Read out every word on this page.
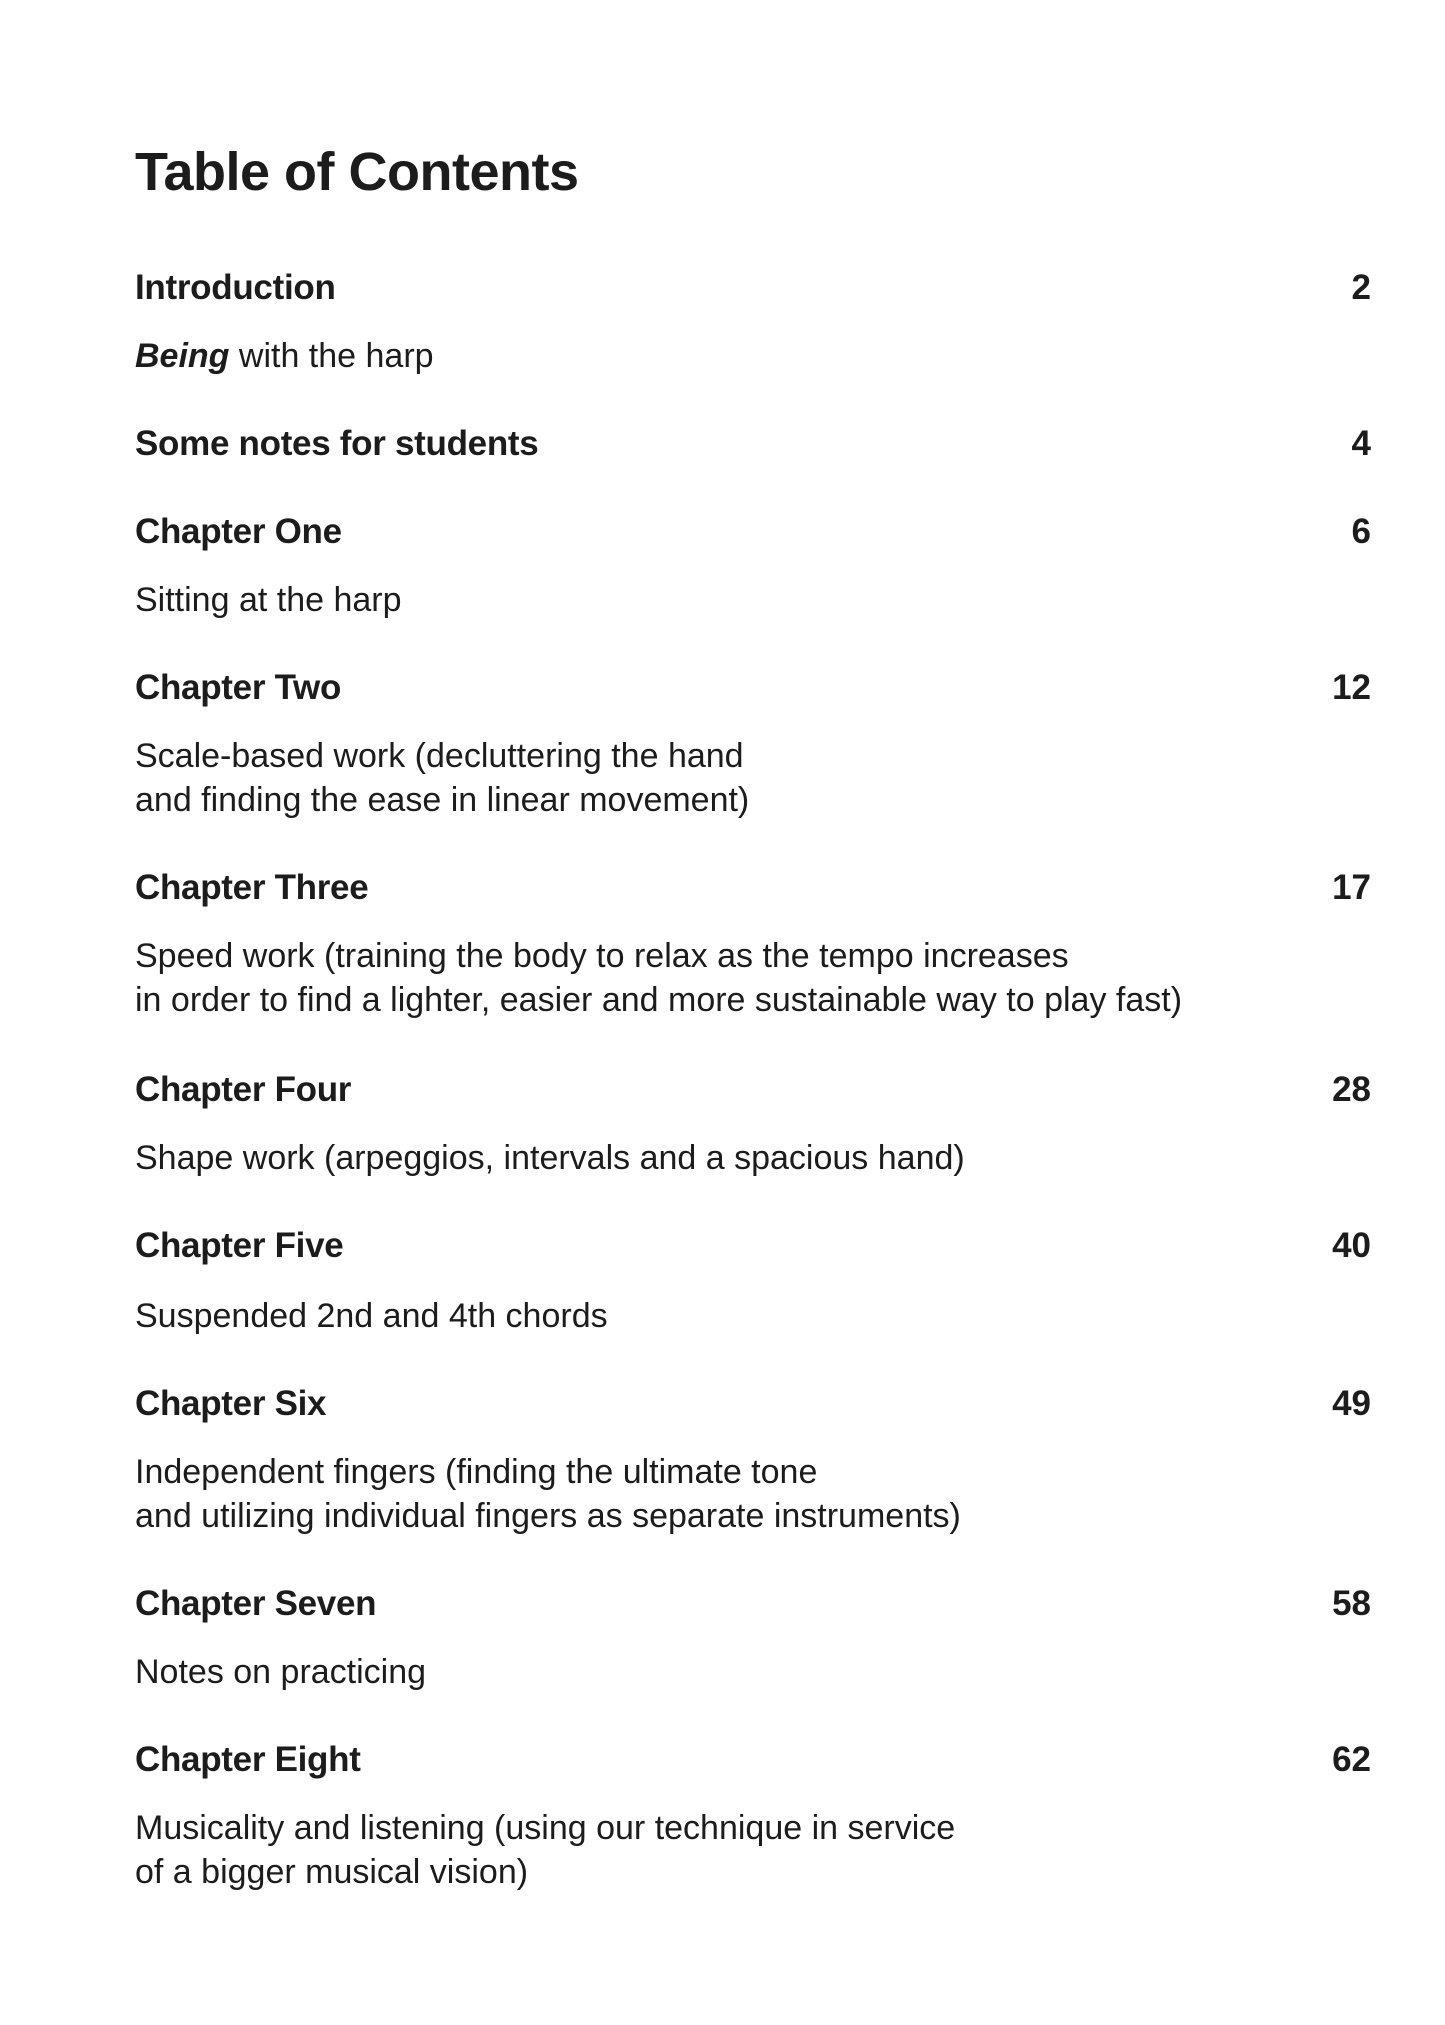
Table of Contents
Introduction	2
Being with the harp
Some notes for students	4
Chapter One	6
Sitting at the harp
Chapter Two	12
Scale-based work (decluttering the hand
and finding the ease in linear movement)
Chapter Three	17
Speed work (training the body to relax as the tempo increases
in order to find a lighter, easier and more sustainable way to play fast)
Chapter Four	28
Shape work (arpeggios, intervals and a spacious hand)
Chapter Five	40
Suspended 2nd and 4th chords
Chapter Six	49
Independent fingers (finding the ultimate tone
and utilizing individual fingers as separate instruments)
Chapter Seven	58
Notes on practicing
Chapter Eight	62
Musicality and listening (using our technique in service
of a bigger musical vision)
